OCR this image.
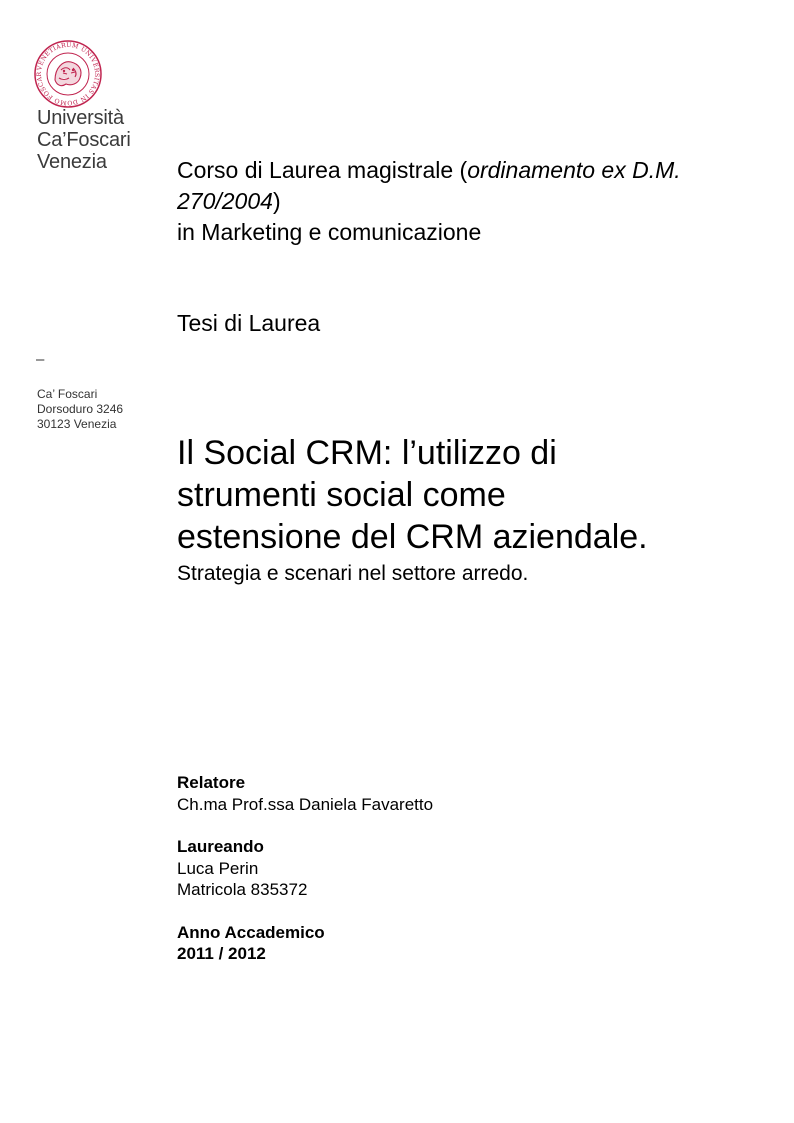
VENETIARUM UNIVERSITAS IN DOMO FOSCAR
Università
Ca’Foscari
Venezia
–
Ca’ Foscari
Dorsoduro 3246
30123 Venezia
Corso di Laurea magistrale (ordinamento ex D.M. 270/2004)
in Marketing e comunicazione
Tesi di Laurea
Il Social CRM: l’utilizzo di
strumenti social come
estensione del CRM aziendale.
Strategia e scenari nel settore arredo.
Relatore
Ch.ma Prof.ssa Daniela Favaretto
Laureando
Luca Perin
Matricola 835372
Anno Accademico
2011 / 2012
